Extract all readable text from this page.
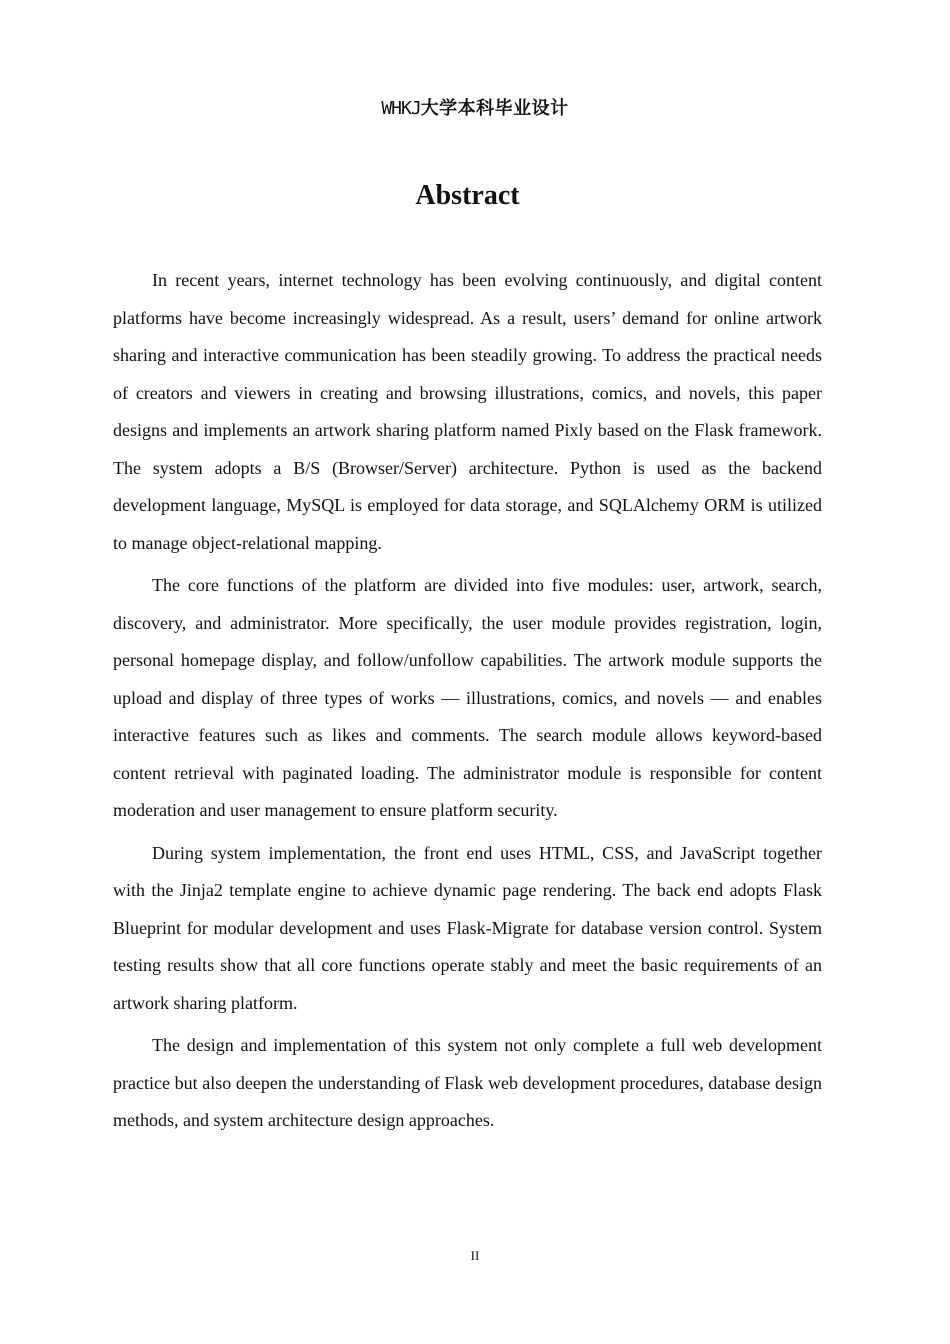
WHKJ大学本科毕业设计
Abstract

In recent years, internet technology has been evolving continuously, and digital content platforms have become increasingly widespread. As a result, users’ demand for online artwork sharing and interactive communication has been steadily growing. To address the practical needs of creators and viewers in creating and browsing illustrations, comics, and novels, this paper designs and implements an artwork sharing platform named Pixly based on the Flask framework. The system adopts a B/S (Browser/Server) architecture. Python is used as the backend development language, MySQL is employed for data storage, and SQLAlchemy ORM is utilized to manage object‑relational mapping.

The core functions of the platform are divided into five modules: user, artwork, search, discovery, and administrator. More specifically, the user module provides registration, login, personal homepage display, and follow/unfollow capabilities. The artwork module supports the upload and display of three types of works — illustrations, comics, and novels — and enables interactive features such as likes and comments. The search module allows keyword‑based content retrieval with paginated loading. The administrator module is responsible for content moderation and user management to ensure platform security.

During system implementation, the front end uses HTML, CSS, and JavaScript together with the Jinja2 template engine to achieve dynamic page rendering. The back end adopts Flask Blueprint for modular development and uses Flask‑Migrate for database version control. System testing results show that all core functions operate stably and meet the basic requirements of an artwork sharing platform.

The design and implementation of this system not only complete a full web development practice but also deepen the understanding of Flask web development procedures, database design methods, and system architecture design approaches.

II
